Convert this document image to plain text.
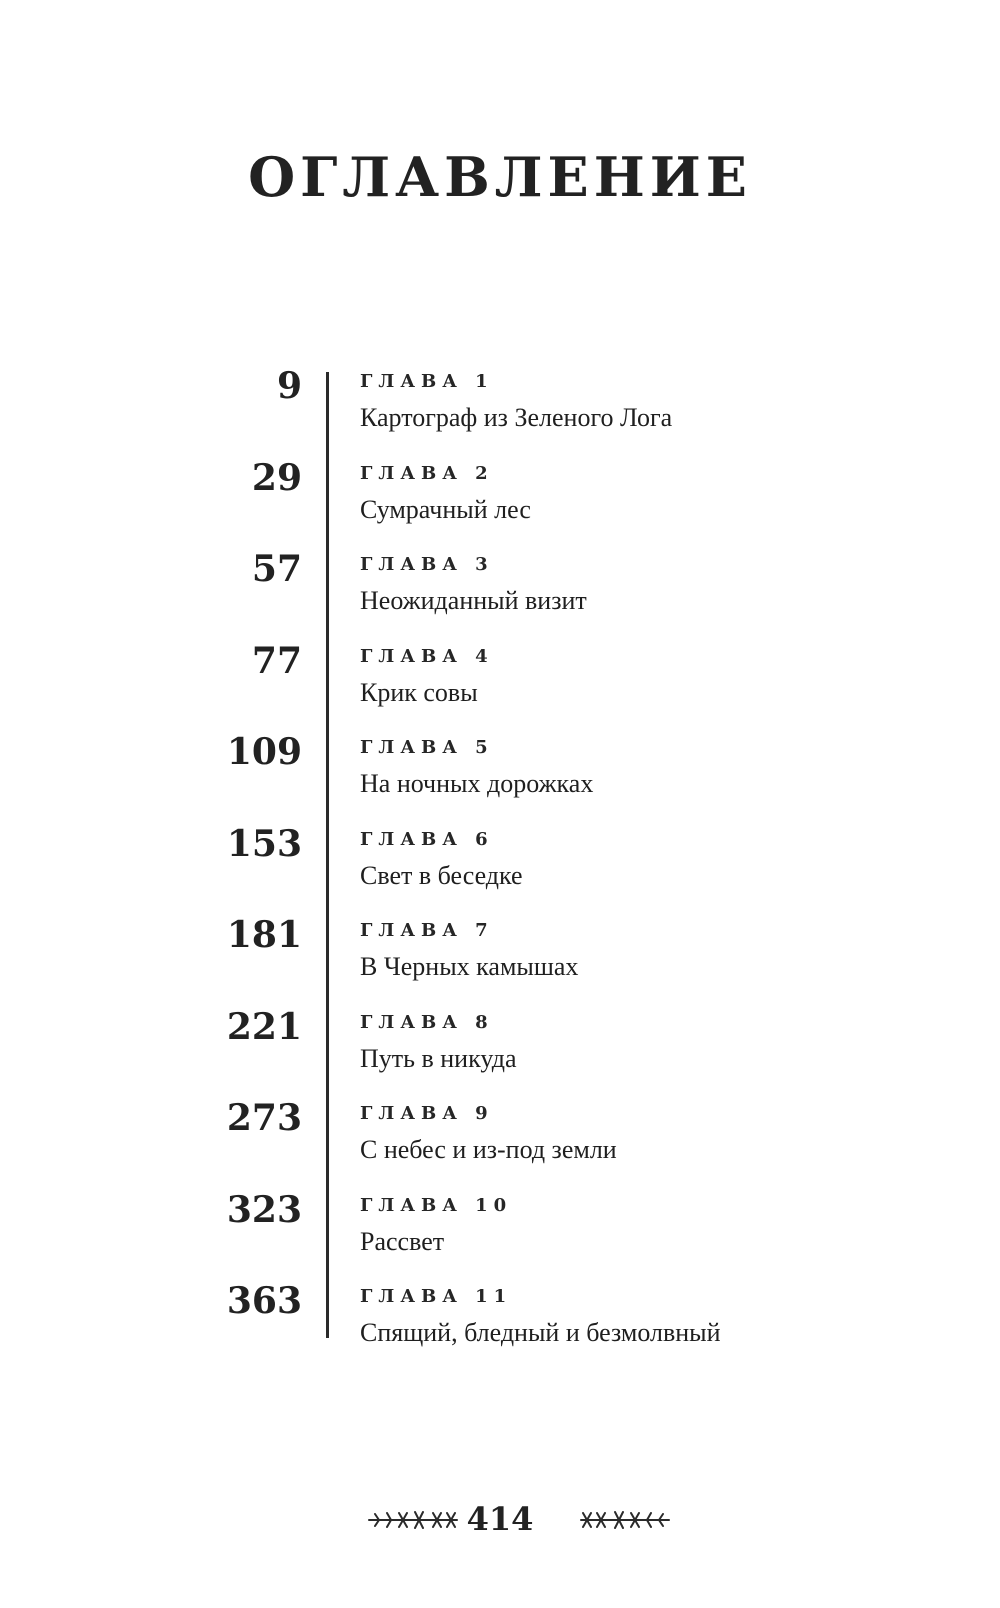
ОГЛАВЛЕНИЕ
9	ГЛАВА 1
Картограф из Зеленого Лога
29	ГЛАВА 2
Сумрачный лес
57	ГЛАВА 3
Неожиданный визит
77	ГЛАВА 4
Крик совы
109	ГЛАВА 5
На ночных дорожках
153	ГЛАВА 6
Свет в беседке
181	ГЛАВА 7
В Черных камышах
221	ГЛАВА 8
Путь в никуда
273	ГЛАВА 9
С небес и из-под земли
323	ГЛАВА 10
Рассвет
363	ГЛАВА 11
Спящий, бледный и безмолвный
414
